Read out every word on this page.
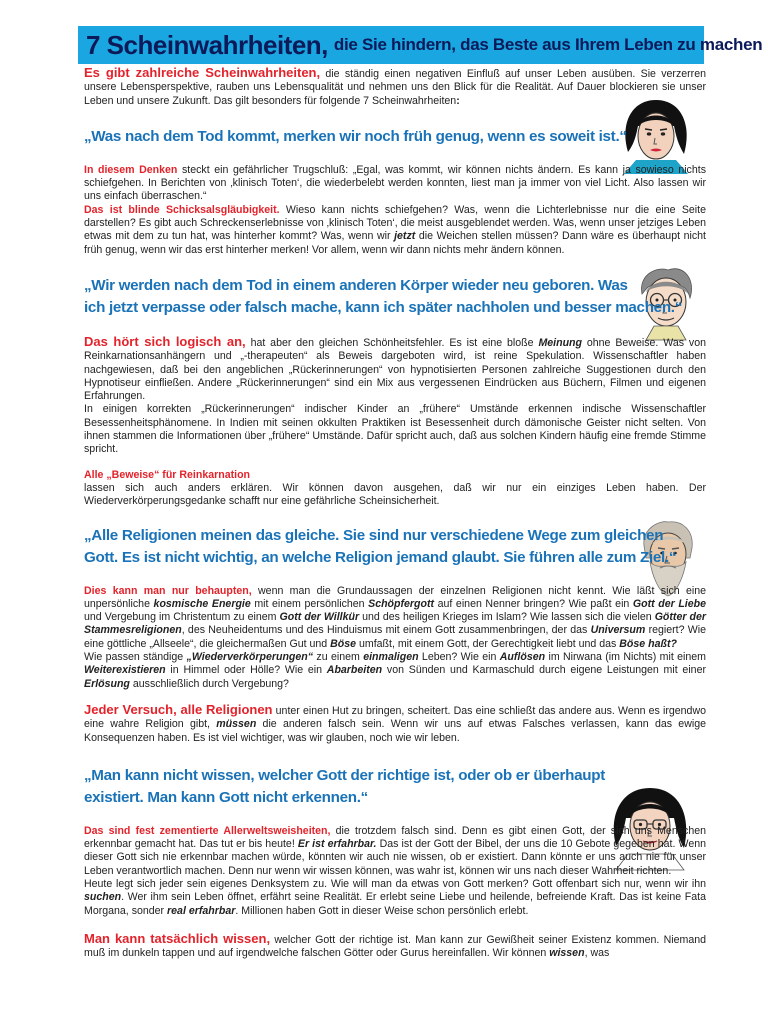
7 Scheinwahrheiten, die Sie hindern, das Beste aus Ihrem Leben zu machen

Es gibt zahlreiche Scheinwahrheiten, die ständig einen negativen Einfluß auf unser Leben ausüben. Sie verzerren unsere Lebensperspektive, rauben uns Lebensqualität und nehmen uns den Blick für die Realität. Auf Dauer blockieren sie unser Leben und unsere Zukunft. Das gilt besonders für folgende 7 Scheinwahrheiten:

„Was nach dem Tod kommt, merken wir noch früh genug, wenn es soweit ist.“

In diesem Denken steckt ein gefährlicher Trugschluß: „Egal, was kommt, wir können nichts ändern. Es kann ja sowieso nichts schiefgehen. In Berichten von ‚klinisch Toten‘, die wiederbelebt werden konnten, liest man ja immer von viel Licht. Also lassen wir uns einfach überraschen.“

Das ist blinde Schicksalsgläubigkeit. Wieso kann nichts schiefgehen? Was, wenn die Lichterlebnisse nur die eine Seite darstellen? Es gibt auch Schreckenserlebnisse von ‚klinisch Toten‘, die meist ausgeblendet werden. Was, wenn unser jetziges Leben etwas mit dem zu tun hat, was hinterher kommt? Was, wenn wir jetzt die Weichen stellen müssen? Dann wäre es überhaupt nicht früh genug, wenn wir das erst hinterher merken! Vor allem, wenn wir dann nichts mehr ändern können.

„Wir werden nach dem Tod in einem anderen Körper wieder neu geboren. Was
ich jetzt verpasse oder falsch mache, kann ich später nachholen und besser machen.“

Das hört sich logisch an, hat aber den gleichen Schönheitsfehler. Es ist eine bloße Meinung ohne Beweise. Was von Reinkarnationsanhängern und „-therapeuten“ als Beweis dargeboten wird, ist reine Spekulation. Wissenschaftler haben nachgewiesen, daß bei den angeblichen „Rückerinnerungen“ von hypnotisierten Personen zahlreiche Suggestionen durch den Hypnotiseur einfließen. Andere „Rückerinnerungen“ sind ein Mix aus vergessenen Eindrücken aus Büchern, Filmen und eigenen Erfahrungen.

In einigen korrekten „Rückerinnerungen“ indischer Kinder an „frühere“ Umstände erkennen indische Wissenschaftler Besessenheitsphänomene. In Indien mit seinen okkulten Praktiken ist Besessenheit durch dämonische Geister nicht selten. Von ihnen stammen die Informationen über „frühere“ Umstände. Dafür spricht auch, daß aus solchen Kindern häufig eine fremde Stimme spricht.

Alle „Beweise“ für Reinkarnation
lassen sich auch anders erklären. Wir können davon ausgehen, daß wir nur ein einziges Leben haben. Der Wiederverkörperungsgedanke schafft nur eine gefährliche Scheinsicherheit.

„Alle Religionen meinen das gleiche. Sie sind nur verschiedene Wege zum gleichen
Gott. Es ist nicht wichtig, an welche Religion jemand glaubt. Sie führen alle zum Ziel.“

Dies kann man nur behaupten, wenn man die Grundaussagen der einzelnen Religionen nicht kennt. Wie läßt sich eine unpersönliche kosmische Energie mit einem persönlichen Schöpfergott auf einen Nenner bringen? Wie paßt ein Gott der Liebe und Vergebung im Christentum zu einem Gott der Willkür und des heiligen Krieges im Islam? Wie lassen sich die vielen Götter der Stammesreligionen, des Neuheidentums und des Hinduismus mit einem Gott zusammenbringen, der das Universum regiert? Wie eine göttliche „Allseele“, die gleichermaßen Gut und Böse umfaßt, mit einem Gott, der Gerechtigkeit liebt und das Böse haßt?

Wie passen ständige „Wiederverkörperungen“ zu einem einmaligen Leben? Wie ein Auflösen im Nirwana (im Nichts) mit einem Weiterexistieren in Himmel oder Hölle? Wie ein Abarbeiten von Sünden und Karmaschuld durch eigene Leistungen mit einer Erlösung ausschließlich durch Vergebung?

Jeder Versuch, alle Religionen unter einen Hut zu bringen, scheitert. Das eine schließt das andere aus. Wenn es irgendwo eine wahre Religion gibt, müssen die anderen falsch sein. Wenn wir uns auf etwas Falsches verlassen, kann das ewige Konsequenzen haben. Es ist viel wichtiger, was wir glauben, noch wie wir leben.

„Man kann nicht wissen, welcher Gott der richtige ist, oder ob er überhaupt
existiert. Man kann Gott nicht erkennen.“

Das sind fest zementierte Allerweltsweisheiten, die trotzdem falsch sind. Denn es gibt einen Gott, der sich uns Menschen erkennbar gemacht hat. Das tut er bis heute! Er ist erfahrbar. Das ist der Gott der Bibel, der uns die 10 Gebote gegeben hat. Wenn dieser Gott sich nie erkennbar machen würde, könnten wir auch nie wissen, ob er existiert. Dann könnte er uns auch nie für unser Leben verantwortlich machen. Denn nur wenn wir wissen können, was wahr ist, können wir uns nach dieser Wahrheit richten.

Heute legt sich jeder sein eigenes Denksystem zu. Wie will man da etwas von Gott merken? Gott offenbart sich nur, wenn wir ihn suchen. Wer ihm sein Leben öffnet, erfährt seine Realität. Er erlebt seine Liebe und heilende, befreiende Kraft. Das ist keine Fata Morgana, sonder real erfahrbar. Millionen haben Gott in dieser Weise schon persönlich erlebt.

Man kann tatsächlich wissen, welcher Gott der richtige ist. Man kann zur Gewißheit seiner Existenz kommen. Niemand muß im dunkeln tappen und auf irgendwelche falschen Götter oder Gurus hereinfallen. Wir können wissen, was
